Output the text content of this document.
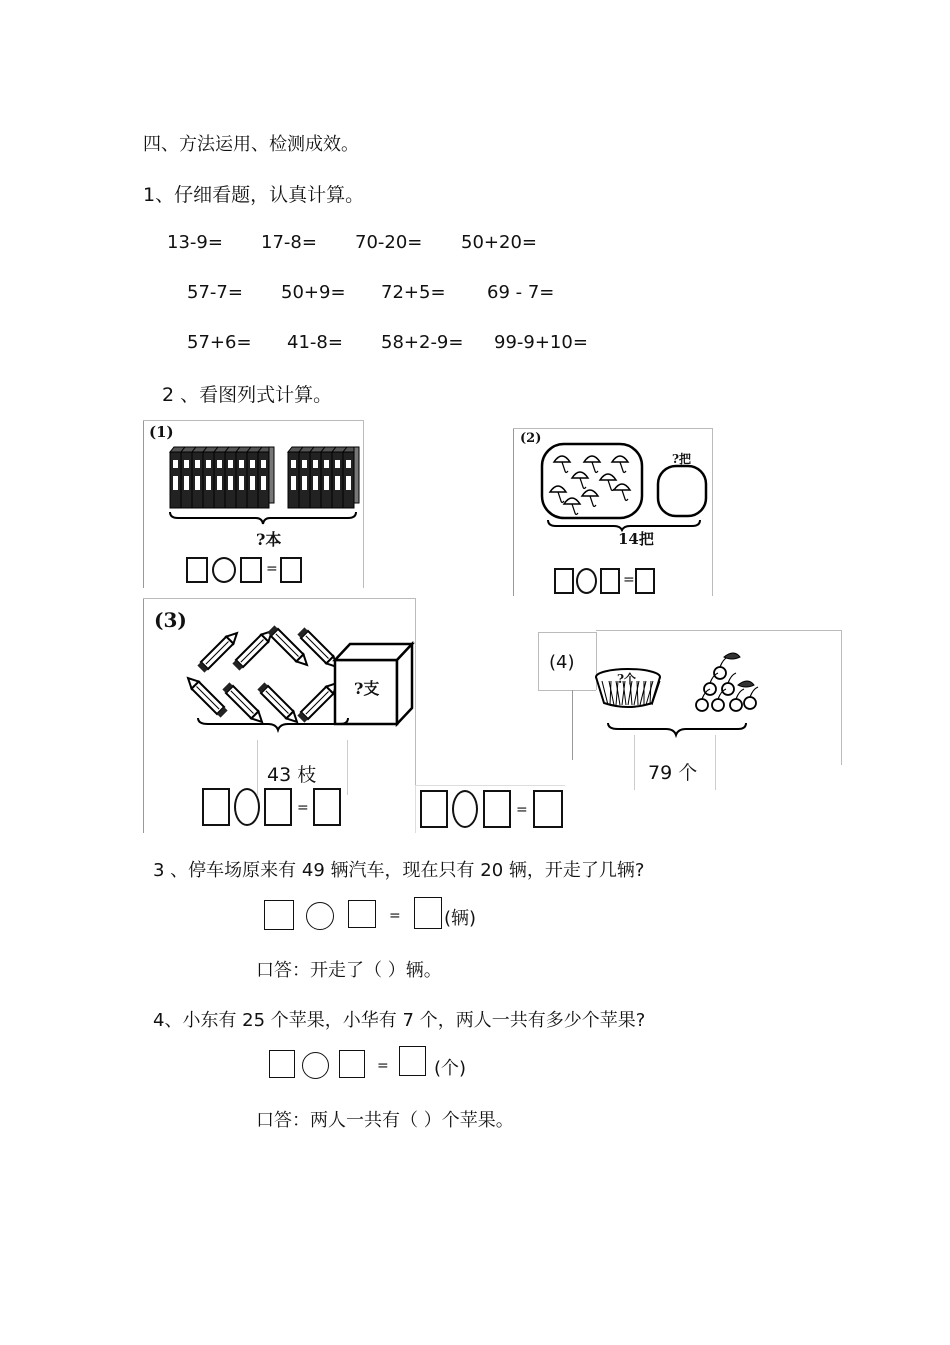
四、方法运用、检测成效。
1、仔细看题，认真计算。
13-9= 17-8= 70-20= 50+20=
57-7= 50+9= 72+5= 69 - 7=
57+6= 41-8= 58+2-9= 99-9+10=
2 、看图列式计算。
(1)
?本
=
(2)
?把
14把
=
(3)
?支
43 枝
=	=
(4)
?个
79 个
3 、停车场原来有 49 辆汽车，现在只有 20 辆，开走了几辆?
= (辆)
口答：开走了（ ）辆。
4、小东有 25 个苹果，小华有 7 个，两人一共有多少个苹果?
=	(个)
口答：两人一共有（ ）个苹果。
